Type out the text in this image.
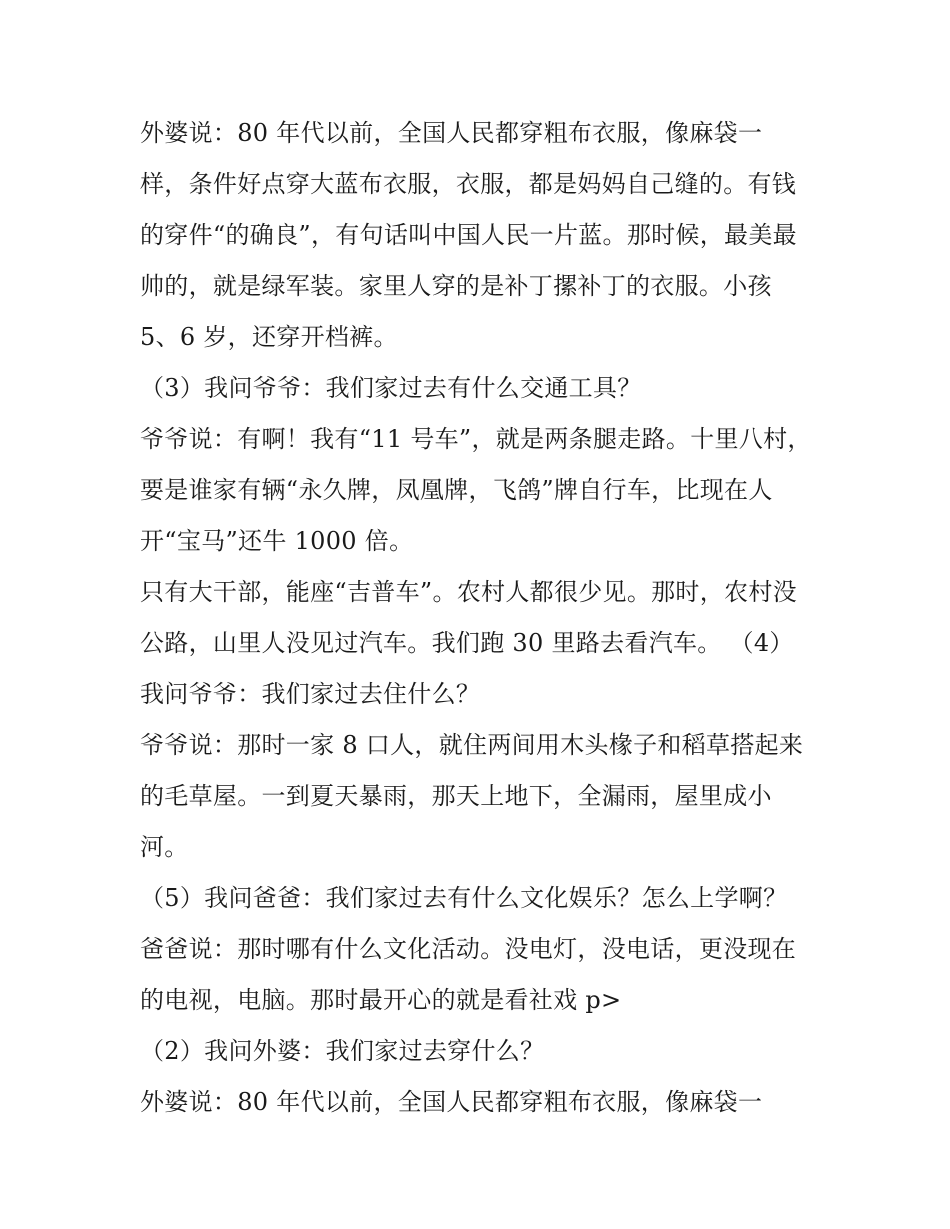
外婆说：80 年代以前，全国人民都穿粗布衣服，像麻袋一
样，条件好点穿大蓝布衣服，衣服，都是妈妈自己缝的。有钱
的穿件“的确良”，有句话叫中国人民一片蓝。那时候，最美最
帅的，就是绿军装。家里人穿的是补丁摞补丁的衣服。小孩
5、6 岁，还穿开档裤。
（3）我问爷爷：我们家过去有什么交通工具？
爷爷说：有啊！我有“11 号车”，就是两条腿走路。十里八村，
要是谁家有辆“永久牌，凤凰牌，飞鸽”牌自行车，比现在人
开“宝马”还牛 1000 倍。
只有大干部，能座“吉普车”。农村人都很少见。那时，农村没
公路，山里人没见过汽车。我们跑 30 里路去看汽车。 （4）
我问爷爷：我们家过去住什么？
爷爷说：那时一家 8 口人，就住两间用木头椽子和稻草搭起来
的毛草屋。一到夏天暴雨，那天上地下，全漏雨，屋里成小
河。
（5）我问爸爸：我们家过去有什么文化娱乐？怎么上学啊？
爸爸说：那时哪有什么文化活动。没电灯，没电话，更没现在
的电视，电脑。那时最开心的就是看社戏 p>
（2）我问外婆：我们家过去穿什么？
外婆说：80 年代以前，全国人民都穿粗布衣服，像麻袋一
